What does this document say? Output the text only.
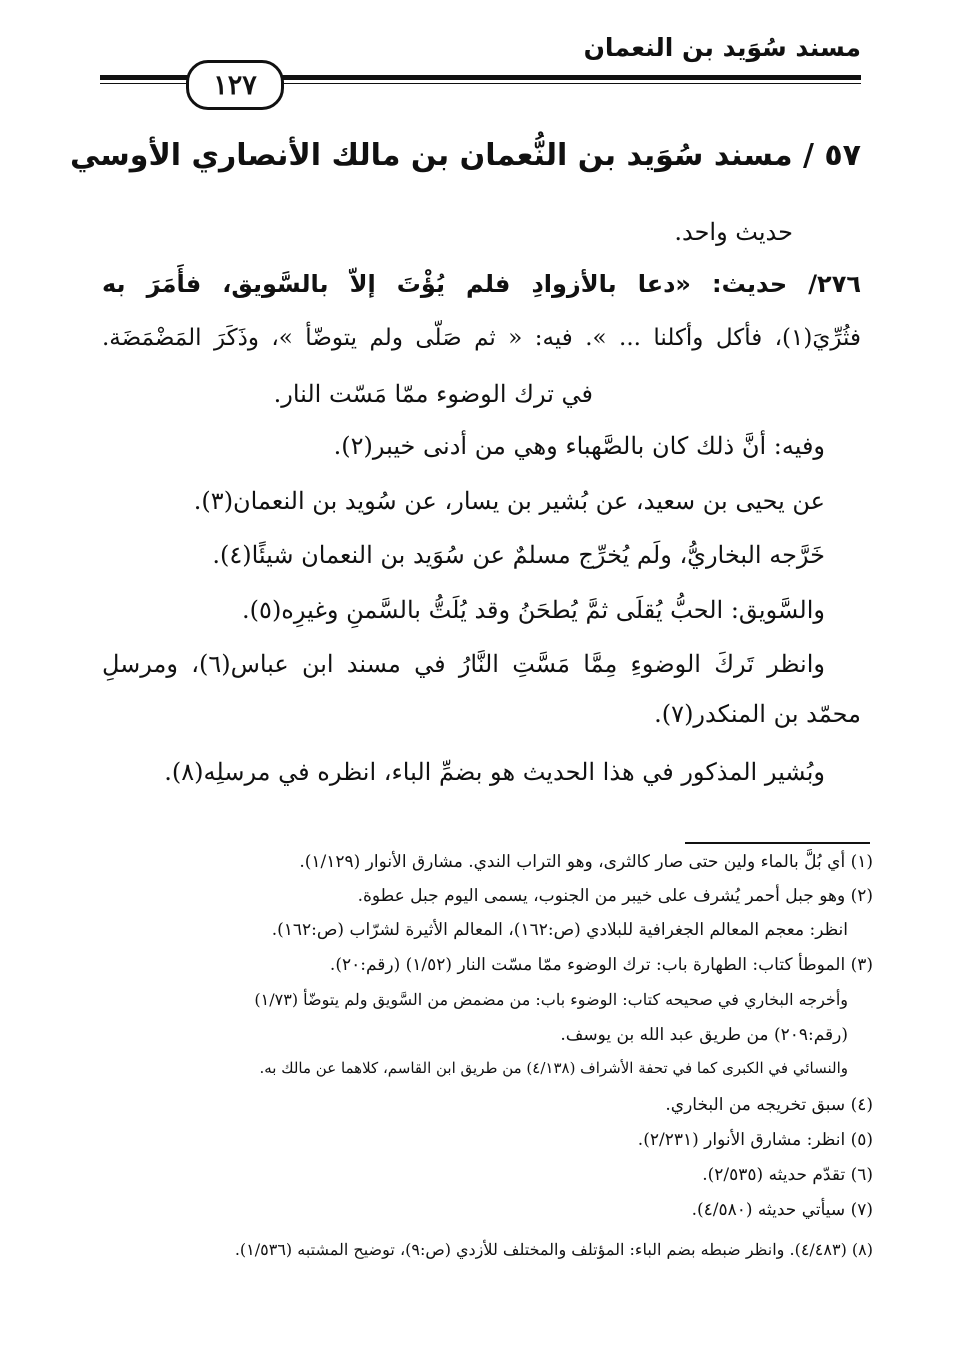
مسند سُوَيد بن النعمان
١٢٧
٥٧ / مسند سُوَيد بن النُّعمان بن مالك الأنصاري الأوسي
حديث واحد.
٢٧٦/ حديث: «دعا بالأزوادِ فلم يُؤْتَ إلاّ بالسَّويق، فأَمَرَ به
فثُرِّيَ(١)، فأكل وأكلنا ... ». فيه: « ثم صَلّى ولم يتوضّأ »، وذَكَرَ المَضْمَضَة.
في ترك الوضوء ممّا مَسّت النار.
وفيه: أنَّ ذلك كان بالصَّهباء وهي من أدنى خيبر(٢).
عن يحيى بن سعيد، عن بُشير بن يسار، عن سُويد بن النعمان(٣).
خَرَّجه البخاريُّ، ولَم يُخرِّج مسلمٌ عن سُوَيد بن النعمان شيئًا(٤).
والسَّويق: الحبُّ يُقلَى ثمَّ يُطحَنُ وقد يُلَتُّ بالسَّمنِ وغيرِه(٥).
وانظر تَركَ الوضوءِ مِمَّا مَسَّتِ النَّارُ في مسند ابن عباس(٦)، ومرسلِ
محمّد بن المنكدر(٧).
وبُشير المذكور في هذا الحديث هو بضمِّ الباء، انظره في مرسلِه(٨).
(١) أي بُلَّ بالماء ولين حتى صار كالثرى، وهو التراب الندي. مشارق الأنوار (١/١٢٩).
(٢) وهو جبل أحمر يُشرف على خيبر من الجنوب، يسمى اليوم جبل عطوة.
انظر: معجم المعالم الجغرافية للبلادي (ص:١٦٢)، المعالم الأثيرة لشرّاب (ص:١٦٢).
(٣) الموطأ كتاب: الطهارة باب: ترك الوضوء ممّا مسّت النار (١/٥٢) (رقم:٢٠).
وأخرجه البخاري في صحيحه كتاب: الوضوء باب: من مضمض من السَّويق ولم يتوضّأ (١/٧٣)
(رقم:٢٠٩) من طريق عبد الله بن يوسف.
والنسائي في الكبرى كما في تحفة الأشراف (٤/١٣٨) من طريق ابن القاسم، كلاهما عن مالك به.
(٤) سبق تخريجه من البخاري.
(٥) انظر: مشارق الأنوار (٢/٢٣١).
(٦) تقدّم حديثه (٢/٥٣٥).
(٧) سيأتي حديثه (٤/٥٨٠).
(٨) (٤/٤٨٣). وانظر ضبطه بضم الباء: المؤتلف والمختلف للأزدي (ص:٩)، توضيح المشتبه (١/٥٣٦).
